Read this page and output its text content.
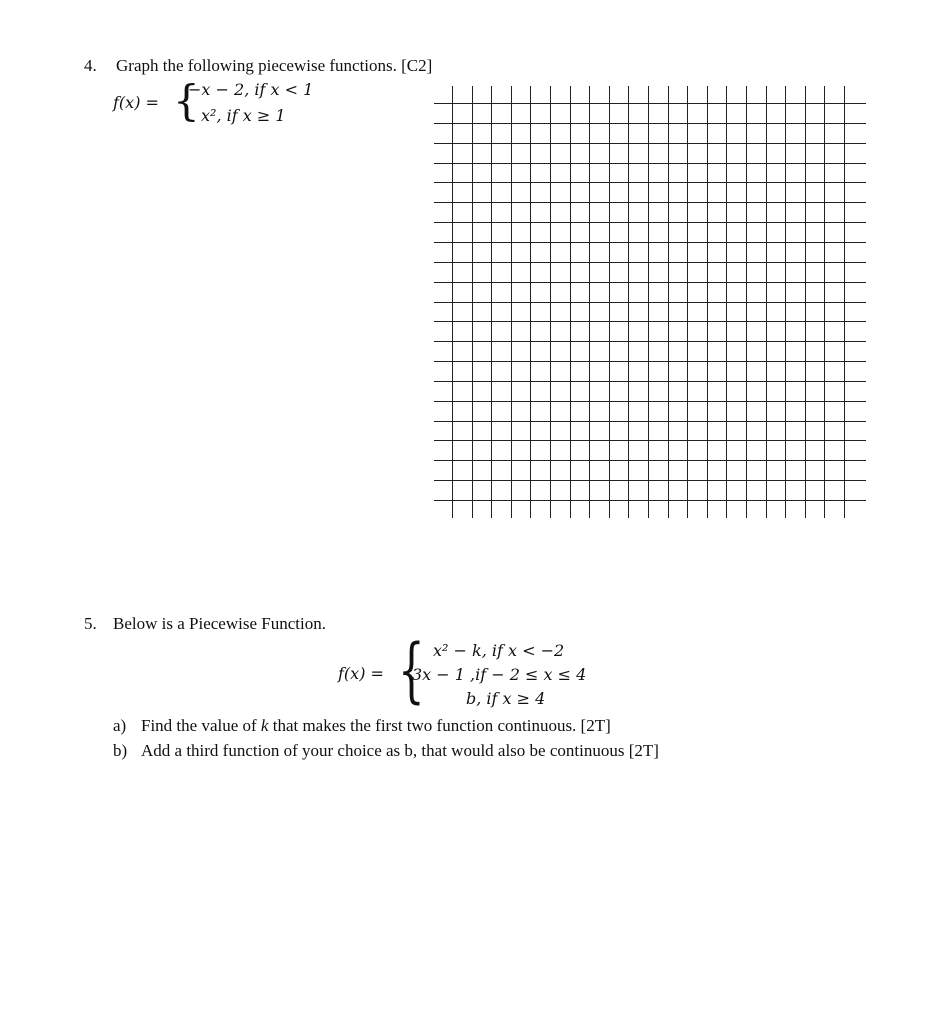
4. Graph the following piecewise functions. [C2]
f(x) = {
−x − 2, if x < 1
x², if x ≥ 1
5. Below is a Piecewise Function.
f(x) = { x² − k, if x < −2
3x − 1 ,if − 2 ≤ x ≤ 4
b, if x ≥ 4
a) Find the value of k that makes the first two function continuous. [2T]
b) Add a third function of your choice as b, that would also be continuous [2T]
